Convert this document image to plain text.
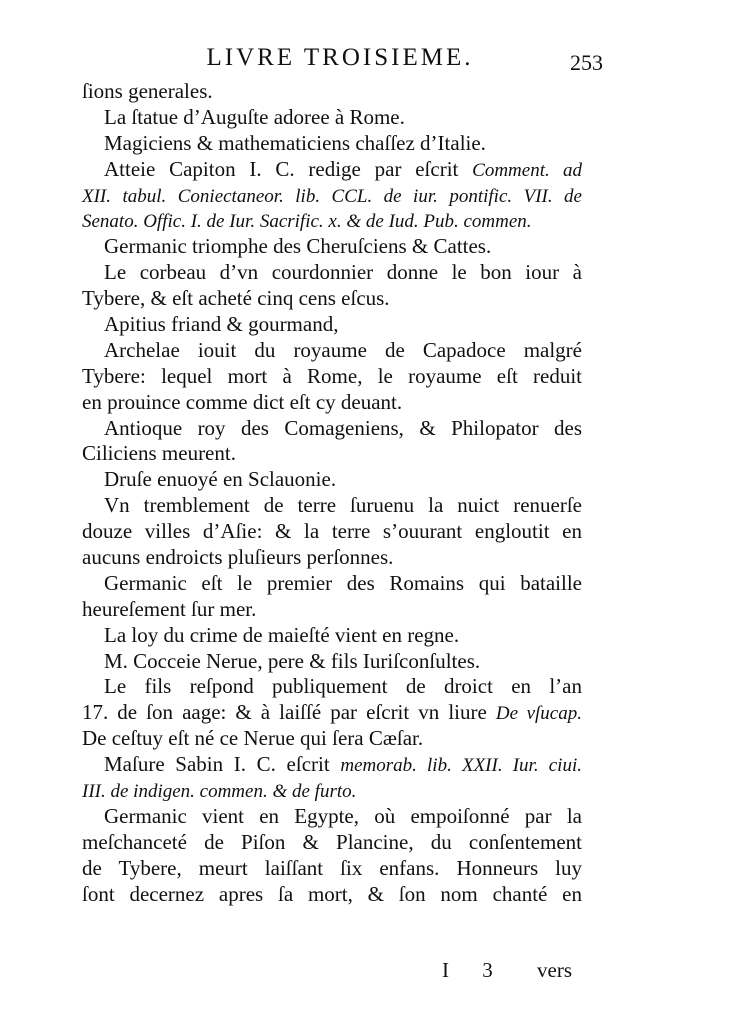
LIVRE TROISIEME.	253
ſions generales.
La ſtatue d’Auguſte adoree à Rome.
Magiciens & mathematiciens chaſſez d’Italie.
Atteie Capiton I. C. redige par eſcrit Comment. ad
XII. tabul. Coniectaneor. lib. CCL. de iur. pontific. VII. de
Senato. Offic. I. de Iur. Sacrific. x. & de Iud. Pub. commen.
Germanic triomphe des Cheruſciens & Cattes.
Le corbeau d’vn courdonnier donne le bon iour à
Tybere, & eſt acheté cinq cens eſcus.
Apitius friand & gourmand,
Archelae iouit du royaume de Capadoce malgré
Tybere: lequel mort à Rome, le royaume eſt reduit
en prouince comme dict eſt cy deuant.
Antioque roy des Comageniens, & Philopator des
Ciliciens meurent.
Druſe enuoyé en Sclauonie.
Vn tremblement de terre ſuruenu la nuict renuerſe
douze villes d’Aſie: & la terre s’ouurant engloutit en
aucuns endroicts pluſieurs perſonnes.
Germanic eſt le premier des Romains qui bataille
heureſement ſur mer.
La loy du crime de maieſté vient en regne.
M. Cocceie Nerue, pere & fils Iuriſconſultes.
Le fils reſpond publiquement de droict en l’an
17. de ſon aage: & à laiſſé par eſcrit vn liure De vſucap.
De ceſtuy eſt né ce Nerue qui ſera Cæſar.
Maſure Sabin I. C. eſcrit memorab. lib. XXII. Iur. ciui.
III. de indigen. commen. & de furto.
Germanic vient en Egypte, où empoiſonné par la
meſchanceté de Piſon & Plancine, du conſentement
de Tybere, meurt laiſſant ſix enfans. Honneurs luy
ſont decernez apres ſa mort, & ſon nom chanté en
I 3 vers
